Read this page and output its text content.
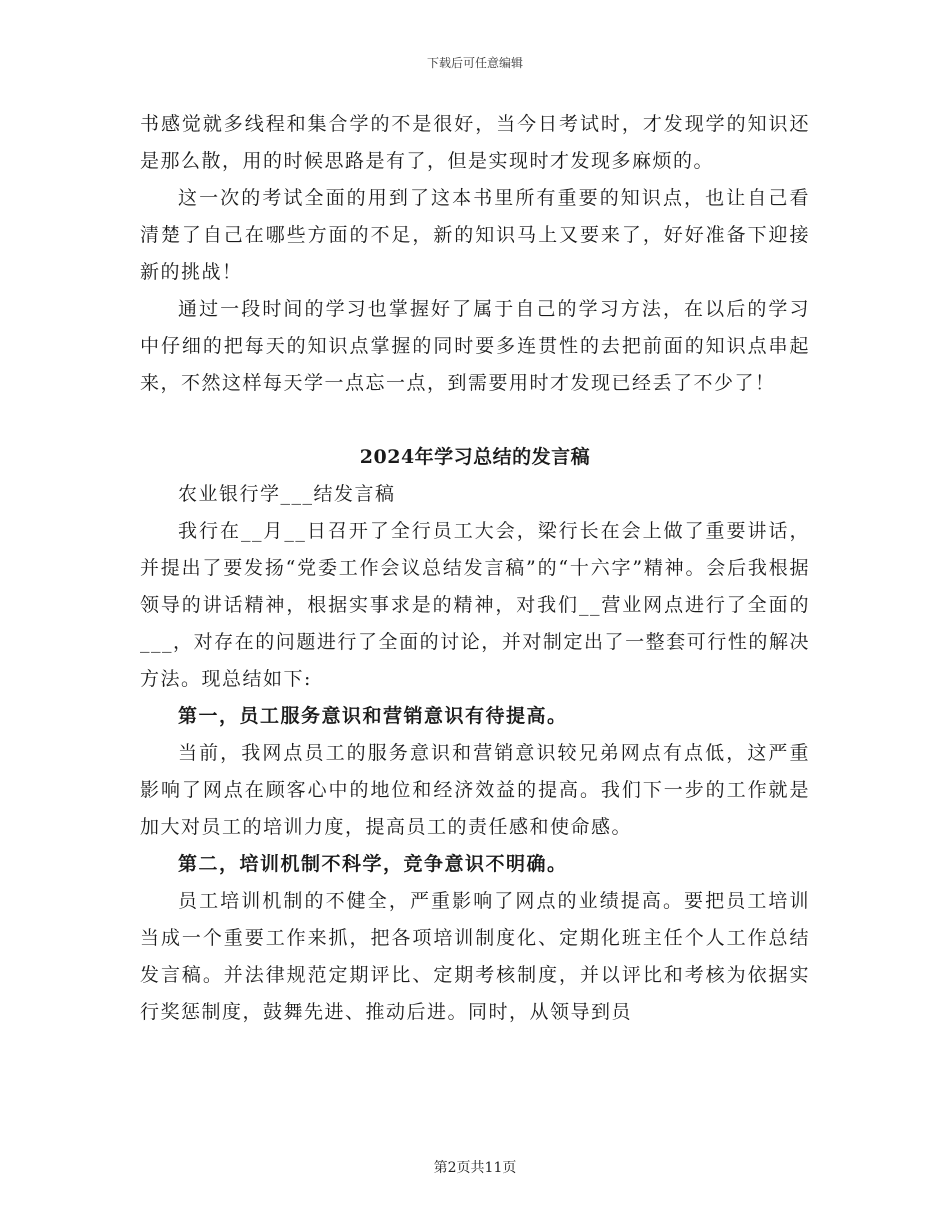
下载后可任意编辑

书感觉就多线程和集合学的不是很好，当今日考试时，才发现学的知识还是那么散，用的时候思路是有了，但是实现时才发现多麻烦的。

这一次的考试全面的用到了这本书里所有重要的知识点，也让自己看清楚了自己在哪些方面的不足，新的知识马上又要来了，好好准备下迎接新的挑战！

通过一段时间的学习也掌握好了属于自己的学习方法，在以后的学习中仔细的把每天的知识点掌握的同时要多连贯性的去把前面的知识点串起来，不然这样每天学一点忘一点，到需要用时才发现已经丢了不少了！

2024年学习总结的发言稿

农业银行学___结发言稿

我行在__月__日召开了全行员工大会，梁行长在会上做了重要讲话，并提出了要发扬“党委工作会议总结发言稿”的“十六字”精神。会后我根据领导的讲话精神，根据实事求是的精神，对我们__营业网点进行了全面的___，对存在的问题进行了全面的讨论，并对制定出了一整套可行性的解决方法。现总结如下:

第一，员工服务意识和营销意识有待提高。

当前，我网点员工的服务意识和营销意识较兄弟网点有点低，这严重影响了网点在顾客心中的地位和经济效益的提高。我们下一步的工作就是加大对员工的培训力度，提高员工的责任感和使命感。

第二，培训机制不科学，竞争意识不明确。

员工培训机制的不健全，严重影响了网点的业绩提高。要把员工培训当成一个重要工作来抓，把各项培训制度化、定期化班主任个人工作总结发言稿。并法律规范定期评比、定期考核制度，并以评比和考核为依据实行奖惩制度，鼓舞先进、推动后进。同时，从领导到员

第2页共11页
